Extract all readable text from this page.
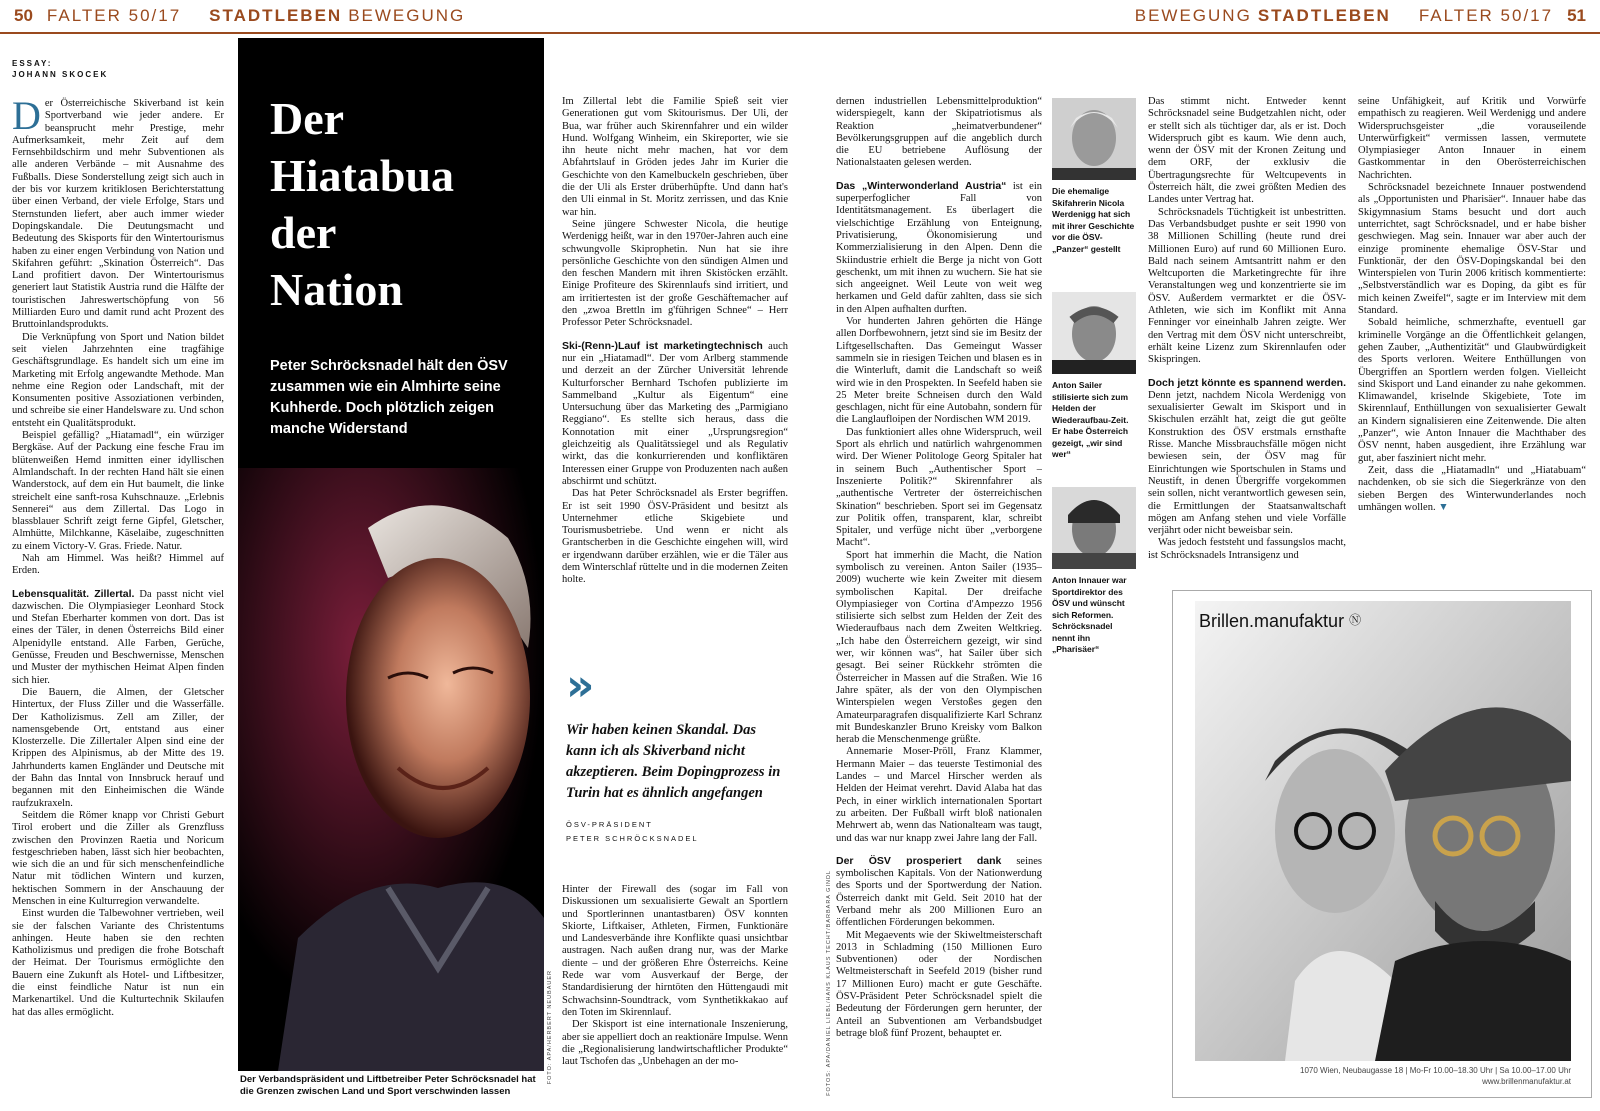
50 FALTER 50/17 STADTLEBEN BEWEGUNG	BEWEGUNG STADTLEBEN FALTER 50/17 51
ESSAY:
JOHANN SKOCEK

Der Österreichische Skiverband ist kein Sportverband wie jeder andere. Er beansprucht mehr Prestige, mehr Aufmerksamkeit, mehr Zeit auf dem Fernsehbildschirm und mehr Subventionen als alle anderen Verbände – mit Ausnahme des Fußballs. Diese Sonderstellung zeigt sich auch in der bis vor kurzem kritiklosen Berichterstattung über einen Verband, der viele Erfolge, Stars und Sternstunden liefert, aber auch immer wieder Dopingskandale. Die Deutungsmacht und Bedeutung des Skisports für den Wintertourismus haben zu einer engen Verbindung von Nation und Skifahren geführt: „Skination Österreich“. Das Land profitiert davon. Der Wintertourismus generiert laut Statistik Austria rund die Hälfte der touristischen Jahreswertschöpfung von 56 Milliarden Euro und damit rund acht Prozent des Bruttoinlandsprodukts.

Die Verknüpfung von Sport und Nation bildet seit vielen Jahrzehnten eine tragfähige Geschäftsgrundlage. Es handelt sich um eine im Marketing mit Erfolg angewandte Methode. Man nehme eine Region oder Landschaft, mit der Konsumenten positive Assoziationen verbinden, und schreibe sie einer Handelsware zu. Und schon entsteht ein Qualitätsprodukt.

Beispiel gefällig? „Hiatamadl“, ein würziger Bergkäse. Auf der Packung eine fesche Frau im blütenweißen Hemd inmitten einer idyllischen Almlandschaft. In der rechten Hand hält sie einen Wanderstock, auf dem ein Hut baumelt, die linke streichelt eine sanft-rosa Kuhschnauze. „Erlebnis Sennerei“ aus dem Zillertal. Das Logo in blassblauer Schrift zeigt ferne Gipfel, Gletscher, Almhütte, Milchkanne, Käselaibe, zugeschnitten zu einem Victory-V. Gras. Friede. Natur.

Nah am Himmel. Was heißt? Himmel auf Erden.

Lebensqualität. Zillertal. Da passt nicht viel dazwischen. Die Olympiasieger Leonhard Stock und Stefan Eberharter kommen von dort. Das ist eines der Täler, in denen Österreichs Bild einer Alpenidylle entstand. Alle Farben, Gerüche, Genüsse, Freuden und Beschwernisse, Menschen und Muster der mythischen Heimat Alpen finden sich hier.

Die Bauern, die Almen, der Gletscher Hintertux, der Fluss Ziller und die Wasserfälle. Der Katholizismus. Zell am Ziller, der namensgebende Ort, entstand aus einer Klosterzelle. Die Zillertaler Alpen sind eine der Krippen des Alpinismus, ab der Mitte des 19. Jahrhunderts kamen Engländer und Deutsche mit der Bahn das Inntal von Innsbruck herauf und begannen mit den Einheimischen die Wände raufzukraxeln.

Seitdem die Römer knapp vor Christi Geburt Tirol erobert und die Ziller als Grenzfluss zwischen den Provinzen Raetia und Noricum festgeschrieben haben, lässt sich hier beobachten, wie sich die an und für sich menschenfeindliche Natur mit tödlichen Wintern und kurzen, hektischen Sommern in der Anschauung der Menschen in eine Kulturregion verwandelte.

Einst wurden die Talbewohner vertrieben, weil sie der falschen Variante des Christentums anhingen. Heute haben sie den rechten Katholizismus und predigen die frohe Botschaft der Heimat. Der Tourismus ermöglichte den Bauern eine Zukunft als Hotel- und Liftbesitzer, die einst feindliche Natur ist nun ein Markenartikel. Und die Kulturtechnik Skilaufen hat das alles ermöglicht.

Der
Hiatabua
der
Nation
Peter Schröcksnadel hält den ÖSV zusammen wie ein Almhirte seine Kuhherde. Doch plötzlich zeigen manche Widerstand
FOTO: APA/HERBERT NEUBAUER
Der Verbandspräsident und Liftbetreiber Peter Schröcksnadel hat die Grenzen zwischen Land und Sport verschwinden lassen

Im Zillertal lebt die Familie Spieß seit vier Generationen gut vom Skitourismus. Der Uli, der Bua, war früher auch Skirennfahrer und ein wilder Hund. Wolfgang Winheim, ein Skireporter, wie sie ihn heute nicht mehr machen, hat vor dem Abfahrtslauf in Gröden jedes Jahr im Kurier die Geschichte von den Kamelbuckeln geschrieben, über die der Uli als Erster drüberhüpfte. Und dann hat's den Uli einmal in St. Moritz zerrissen, und das Knie war hin.

Seine jüngere Schwester Nicola, die heutige Werdenigg heißt, war in den 1970er-Jahren auch eine schwungvolle Skiprophetin. Nun hat sie ihre persönliche Geschichte von den sündigen Almen und den feschen Mandern mit ihren Skistöcken erzählt. Einige Profiteure des Skirennlaufs sind irritiert, und am irritiertesten ist der große Geschäftemacher auf den „zwoa Brettln im g'führigen Schnee“ – Herr Professor Peter Schröcksnadel.

Ski-(Renn-)Lauf ist marketingtechnisch auch nur ein „Hiatamadl“. Der vom Arlberg stammende und derzeit an der Zürcher Universität lehrende Kulturforscher Bernhard Tschofen publizierte im Sammelband „Kultur als Eigentum“ eine Untersuchung über das Marketing des „Parmigiano Reggiano“. Es stellte sich heraus, dass die Konnotation mit einer „Ursprungsregion“ gleichzeitig als Qualitätssiegel und als Regulativ wirkt, das die konkurrierenden und konfliktären Interessen einer Gruppe von Produzenten nach außen abschirmt und schützt.

Das hat Peter Schröcksnadel als Erster begriffen. Er ist seit 1990 ÖSV-Präsident und besitzt als Unternehmer etliche Skigebiete und Tourismusbetriebe. Und wenn er nicht als Grantscherben in die Geschichte eingehen will, wird er irgendwann darüber erzählen, wie er die Täler aus dem Winterschlaf rüttelte und in die modernen Zeiten holte.

»
Wir haben keinen Skandal. Das kann ich als Skiverband nicht akzeptieren. Beim Dopingprozess in Turin hat es ähnlich angefangen
ÖSV-PRÄSIDENT
PETER SCHRÖCKSNADEL

Hinter der Firewall des (sogar im Fall von Diskussionen um sexualisierte Gewalt an Sportlern und Sportlerinnen unantastbaren) ÖSV konnten Skiorte, Liftkaiser, Athleten, Firmen, Funktionäre und Landesverbände ihre Konflikte quasi unsichtbar austragen. Nach außen drang nur, was der Marke diente – und der größeren Ehre Österreichs. Keine Rede war vom Ausverkauf der Berge, der Standardisierung der hirntöten den Hüttengaudi mit Schwachsinn-Soundtrack, vom Synthetikkakao auf den Toten im Skirennlauf.

Der Skisport ist eine internationale Inszenierung, aber sie appelliert doch an reaktionäre Impulse. Wenn die „Regionalisierung landwirtschaftlicher Produkte“ laut Tschofen das „Unbehagen an der mo-

dernen industriellen Lebensmittelproduktion“ widerspiegelt, kann der Skipatriotismus als Reaktion „heimatverbundener“ Bevölkerungsgruppen auf die angeblich durch die EU betriebene Auflösung der Nationalstaaten gelesen werden.

Das „Winterwonderland Austria“ ist ein superperfoglicher Fall von Identitätsmanagement. Es überlagert die vielschichtige Erzählung von Enteignung, Privatisierung, Ökonomisierung und Kommerzialisierung in den Alpen. Denn die Skiindustrie erhielt die Berge ja nicht von Gott geschenkt, um mit ihnen zu wuchern. Sie hat sie sich angeeignet. Weil Leute von weit weg herkamen und Geld dafür zahlten, dass sie sich in den Alpen aufhalten durften.

Vor hunderten Jahren gehörten die Hänge allen Dorfbewohnern, jetzt sind sie im Besitz der Liftgesellschaften. Das Gemeingut Wasser sammeln sie in riesigen Teichen und blasen es in die Winterluft, damit die Landschaft so weiß wird wie in den Prospekten. In Seefeld haben sie 25 Meter breite Schneisen durch den Wald geschlagen, nicht für eine Autobahn, sondern für die Langlaufloipen der Nordischen WM 2019.

Das funktioniert alles ohne Widerspruch, weil Sport als ehrlich und natürlich wahrgenommen wird. Der Wiener Politologe Georg Spitaler hat in seinem Buch „Authentischer Sport – Inszenierte Politik?“ Skirennfahrer als „authentische Vertreter der österreichischen Skination“ beschrieben. Sport sei im Gegensatz zur Politik offen, transparent, klar, schreibt Spitaler, und verfüge nicht über „verborgene Macht“.

Sport hat immerhin die Macht, die Nation symbolisch zu vereinen. Anton Sailer (1935–2009) wucherte wie kein Zweiter mit diesem symbolischen Kapital. Der dreifache Olympiasieger von Cortina d'Ampezzo 1956 stilisierte sich selbst zum Helden der Zeit des Wiederaufbaus nach dem Zweiten Weltkrieg. „Ich habe den Österreichern gezeigt, wir sind wer, wir können was“, hat Sailer über sich gesagt. Bei seiner Rückkehr strömten die Österreicher in Massen auf die Straßen. Wie 16 Jahre später, als der von den Olympischen Winterspielen wegen Verstoßes gegen den Amateurparagrafen disqualifizierte Karl Schranz mit Bundeskanzler Bruno Kreisky vom Balkon herab die Menschenmenge grüßte.

Annemarie Moser-Pröll, Franz Klammer, Hermann Maier – das teuerste Testimonial des Landes – und Marcel Hirscher werden als Helden der Heimat verehrt. David Alaba hat das Pech, in einer wirklich internationalen Sportart zu arbeiten. Der Fußball wirft bloß nationalen Mehrwert ab, wenn das Nationalteam was taugt, und das war nur knapp zwei Jahre lang der Fall.

Der ÖSV prosperiert dank seines symbolischen Kapitals. Von der Nationwerdung des Sports und der Sportwerdung der Nation. Österreich dankt mit Geld. Seit 2010 hat der Verband mehr als 200 Millionen Euro an öffentlichen Förderungen bekommen.

Mit Megaevents wie der Skiweltmeisterschaft 2013 in Schladming (150 Millionen Euro Subventionen) oder der Nordischen Weltmeisterschaft in Seefeld 2019 (bisher rund 17 Millionen Euro) macht er gute Geschäfte. ÖSV-Präsident Peter Schröcksnadel spielt die Bedeutung der Förderungen gern herunter, der Anteil an Subventionen am Verbandsbudget betrage bloß fünf Prozent, behauptet er.

FOTOS: APA/DANIEL LIEBL/HANS KLAUS TECHT/BARBARA GINDL
Die ehemalige Skifahrerin Nicola Werdenigg hat sich mit ihrer Geschichte vor die ÖSV-„Panzer“ gestellt
Anton Sailer stilisierte sich zum Helden der Wiederaufbau-Zeit. Er habe Österreich gezeigt, „wir sind wer“
Anton Innauer war Sportdirektor des ÖSV und wünscht sich Reformen. Schröcksnadel nennt ihn „Pharisäer“

Das stimmt nicht. Entweder kennt Schröcksnadel seine Budgetzahlen nicht, oder er stellt sich als tüchtiger dar, als er ist. Doch Widerspruch gibt es kaum. Wie denn auch, wenn der ÖSV mit der Kronen Zeitung und dem ORF, der exklusiv die Übertragungsrechte für Weltcupevents in Österreich hält, die zwei größten Medien des Landes unter Vertrag hat.

Schröcksnadels Tüchtigkeit ist unbestritten. Das Verbandsbudget pushte er seit 1990 von 38 Millionen Schilling (heute rund drei Millionen Euro) auf rund 60 Millionen Euro. Bald nach seinem Amtsantritt nahm er den Weltcuporten die Marketingrechte für ihre Veranstaltungen weg und konzentrierte sie im ÖSV. Außerdem vermarktet er die ÖSV-Athleten, wie sich im Konflikt mit Anna Fenninger vor eineinhalb Jahren zeigte. Wer den Vertrag mit dem ÖSV nicht unterschreibt, erhält keine Lizenz zum Skirennlaufen oder Skispringen.

Doch jetzt könnte es spannend werden. Denn jetzt, nachdem Nicola Werdenigg von sexualisierter Gewalt im Skisport und in Skischulen erzählt hat, zeigt die gut geölte Konstruktion des ÖSV erstmals ernsthafte Risse. Manche Missbrauchsfälle mögen nicht bewiesen sein, der ÖSV mag für Einrichtungen wie Sportschulen in Stams und Neustift, in denen Übergriffe vorgekommen sein sollen, nicht verantwortlich gewesen sein, die Ermittlungen der Staatsanwaltschaft mögen am Anfang stehen und viele Vorfälle verjährt oder nicht beweisbar sein.

Was jedoch feststeht und fassungslos macht, ist Schröcksnadels Intransigenz und

seine Unfähigkeit, auf Kritik und Vorwürfe empathisch zu reagieren. Weil Werdenigg und andere Widerspruchsgeister „die vorauseilende Unterwürfigkeit“ vermissen lassen, vermutete Olympiasieger Anton Innauer in einem Gastkommentar in den Oberösterreichischen Nachrichten.

Schröcksnadel bezeichnete Innauer postwendend als „Opportunisten und Pharisäer“. Innauer habe das Skigymnasium Stams besucht und dort auch unterrichtet, sagt Schröcksnadel, und er habe bisher geschwiegen. Mag sein. Innauer war aber auch der einzige prominente ehemalige ÖSV-Star und Funktionär, der den ÖSV-Dopingskandal bei den Winterspielen von Turin 2006 kritisch kommentierte: „Selbstverständlich war es Doping, da gibt es für mich keinen Zweifel“, sagte er im Interview mit dem Standard.

Sobald heimliche, schmerzhafte, eventuell gar kriminelle Vorgänge an die Öffentlichkeit gelangen, gehen Zauber, „Authentizität“ und Glaubwürdigkeit des Sports verloren. Weitere Enthüllungen von Übergriffen an Sportlern werden folgen. Vielleicht sind Skisport und Land einander zu nahe gekommen. Klimawandel, kriselnde Skigebiete, Tote im Skirennlauf, Enthüllungen von sexualisierter Gewalt an Kindern signalisieren eine Zeitenwende. Die alten „Panzer“, wie Anton Innauer die Machthaber des ÖSV nennt, haben ausgedient, ihre Erzählung war gut, aber fasziniert nicht mehr.

Zeit, dass die „Hiatamadln“ und „Hiatabuam“ nachdenken, ob sie sich die Siegerkränze von den sieben Bergen des Winterwunderlandes noch umhängen wollen. ▼

Brillen.manufaktur Ⓝ
1070 Wien, Neubaugasse 18 | Mo-Fr 10.00–18.30 Uhr | Sa 10.00–17.00 Uhr
www.brillenmanufaktur.at
